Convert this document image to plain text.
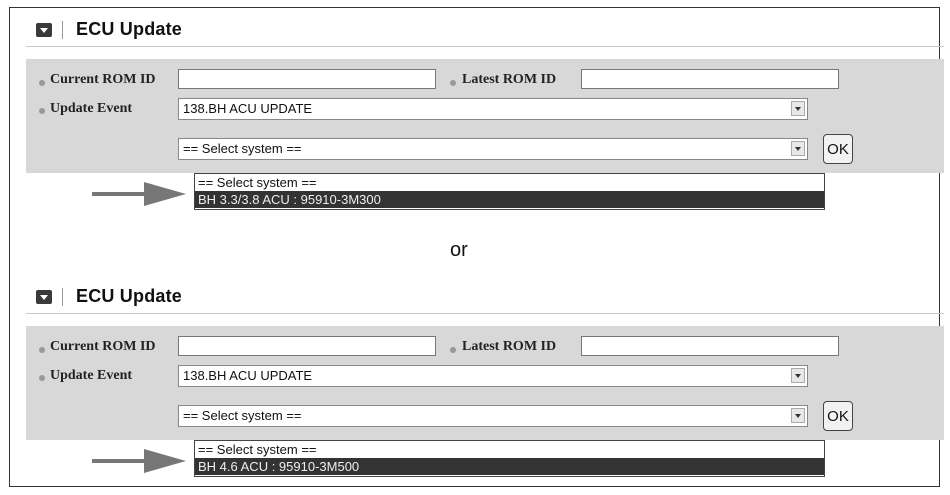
ECU Update
Current ROM ID	Latest ROM ID
Update Event	138.BH ACU UPDATE
== Select system ==	OK
== Select system ==
BH 3.3/3.8 ACU : 95910-3M300
or
ECU Update
Current ROM ID	Latest ROM ID
Update Event	138.BH ACU UPDATE
== Select system ==	OK
== Select system ==
BH 4.6 ACU : 95910-3M500
